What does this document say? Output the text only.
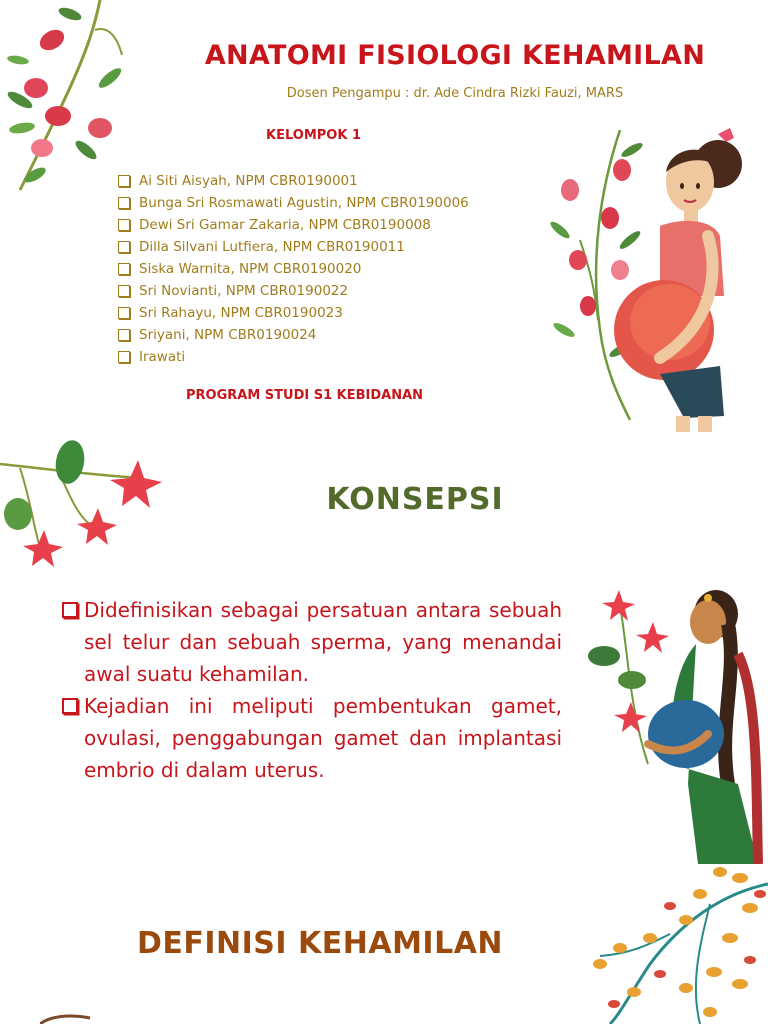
ANATOMI FISIOLOGI KEHAMILAN
Dosen Pengampu : dr. Ade Cindra Rizki Fauzi, MARS
KELOMPOK 1
Ai Siti Aisyah, NPM CBR0190001
Bunga Sri Rosmawati Agustin, NPM CBR0190006
Dewi Sri Gamar Zakaria, NPM CBR0190008
Dilla Silvani Lutfiera, NPM CBR0190011
Siska Warnita, NPM CBR0190020
Sri Novianti, NPM CBR0190022
Sri Rahayu, NPM CBR0190023
Sriyani, NPM CBR0190024
Irawati
PROGRAM STUDI S1 KEBIDANAN
KONSEPSI
Didefinisikan sebagai persatuan antara sebuah sel telur dan sebuah sperma, yang menandai awal suatu kehamilan.
Kejadian ini meliputi pembentukan gamet, ovulasi, penggabungan gamet dan implantasi embrio di dalam uterus.
DEFINISI KEHAMILAN
